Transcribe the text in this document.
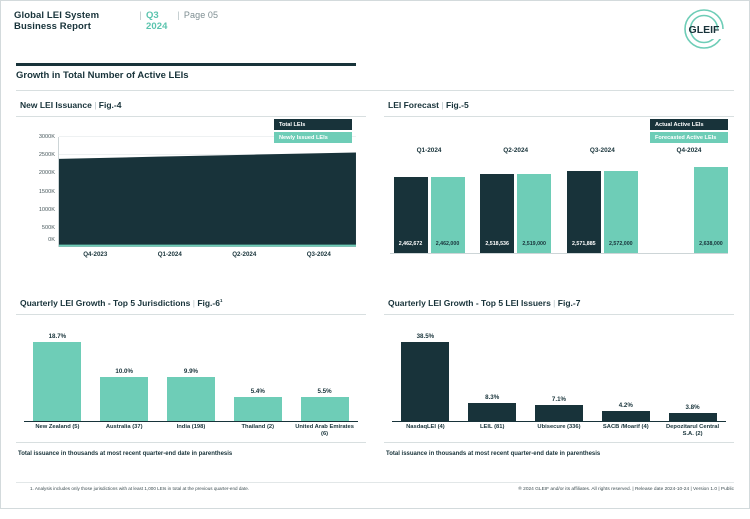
Global LEI System Business Report
| Q3 2024
| Page 05
GLEIF
Growth in Total Number of Active LEIs
New LEI Issuance | Fig.-4
Total LEIs
Newly Issued LEIs
0K
500K
1000K
1500K
2000K
2500K
3000K
Q4-2023	Q1-2024	Q2-2024	Q3-2024
LEI Forecast | Fig.-5
Actual Active LEIs
Forecasted Active LEIs
Q1-2024
2,462,672	2,462,000
Q2-2024
2,518,536	2,519,000
Q3-2024
2,571,885	2,572,000
Q4-2024
2,638,000
Quarterly LEI Growth - Top 5 Jurisdictions | $Fig.-6^1$
18.7%
10.0%	9.9%
5.4%	5.5%
New Zealand (5)	Australia (37)	India (198)	Thailand (2)	United Arab Emirates (6)
Total issuance in thousands at most recent quarter-end date in parenthesis
Quarterly LEI Growth - Top 5 LEI Issuers | Fig.-7
38.5%
8.3%	7.1%
4.2%	3.8%
NasdaqLEI (4)	LEIL (81)	Ubisecure (336)	SACB /Moarif (4)	Depozitarul Central S.A. (2)
Total issuance in thousands at most recent quarter-end date in parenthesis
1. Analysis includes only those jurisdictions with at least 1,000 LEIs in total at the previous quarter-end date.	® 2024 GLEIF and/or its affiliates. All rights reserved. | Release date 2024-10-24 | Version 1.0 | Public
